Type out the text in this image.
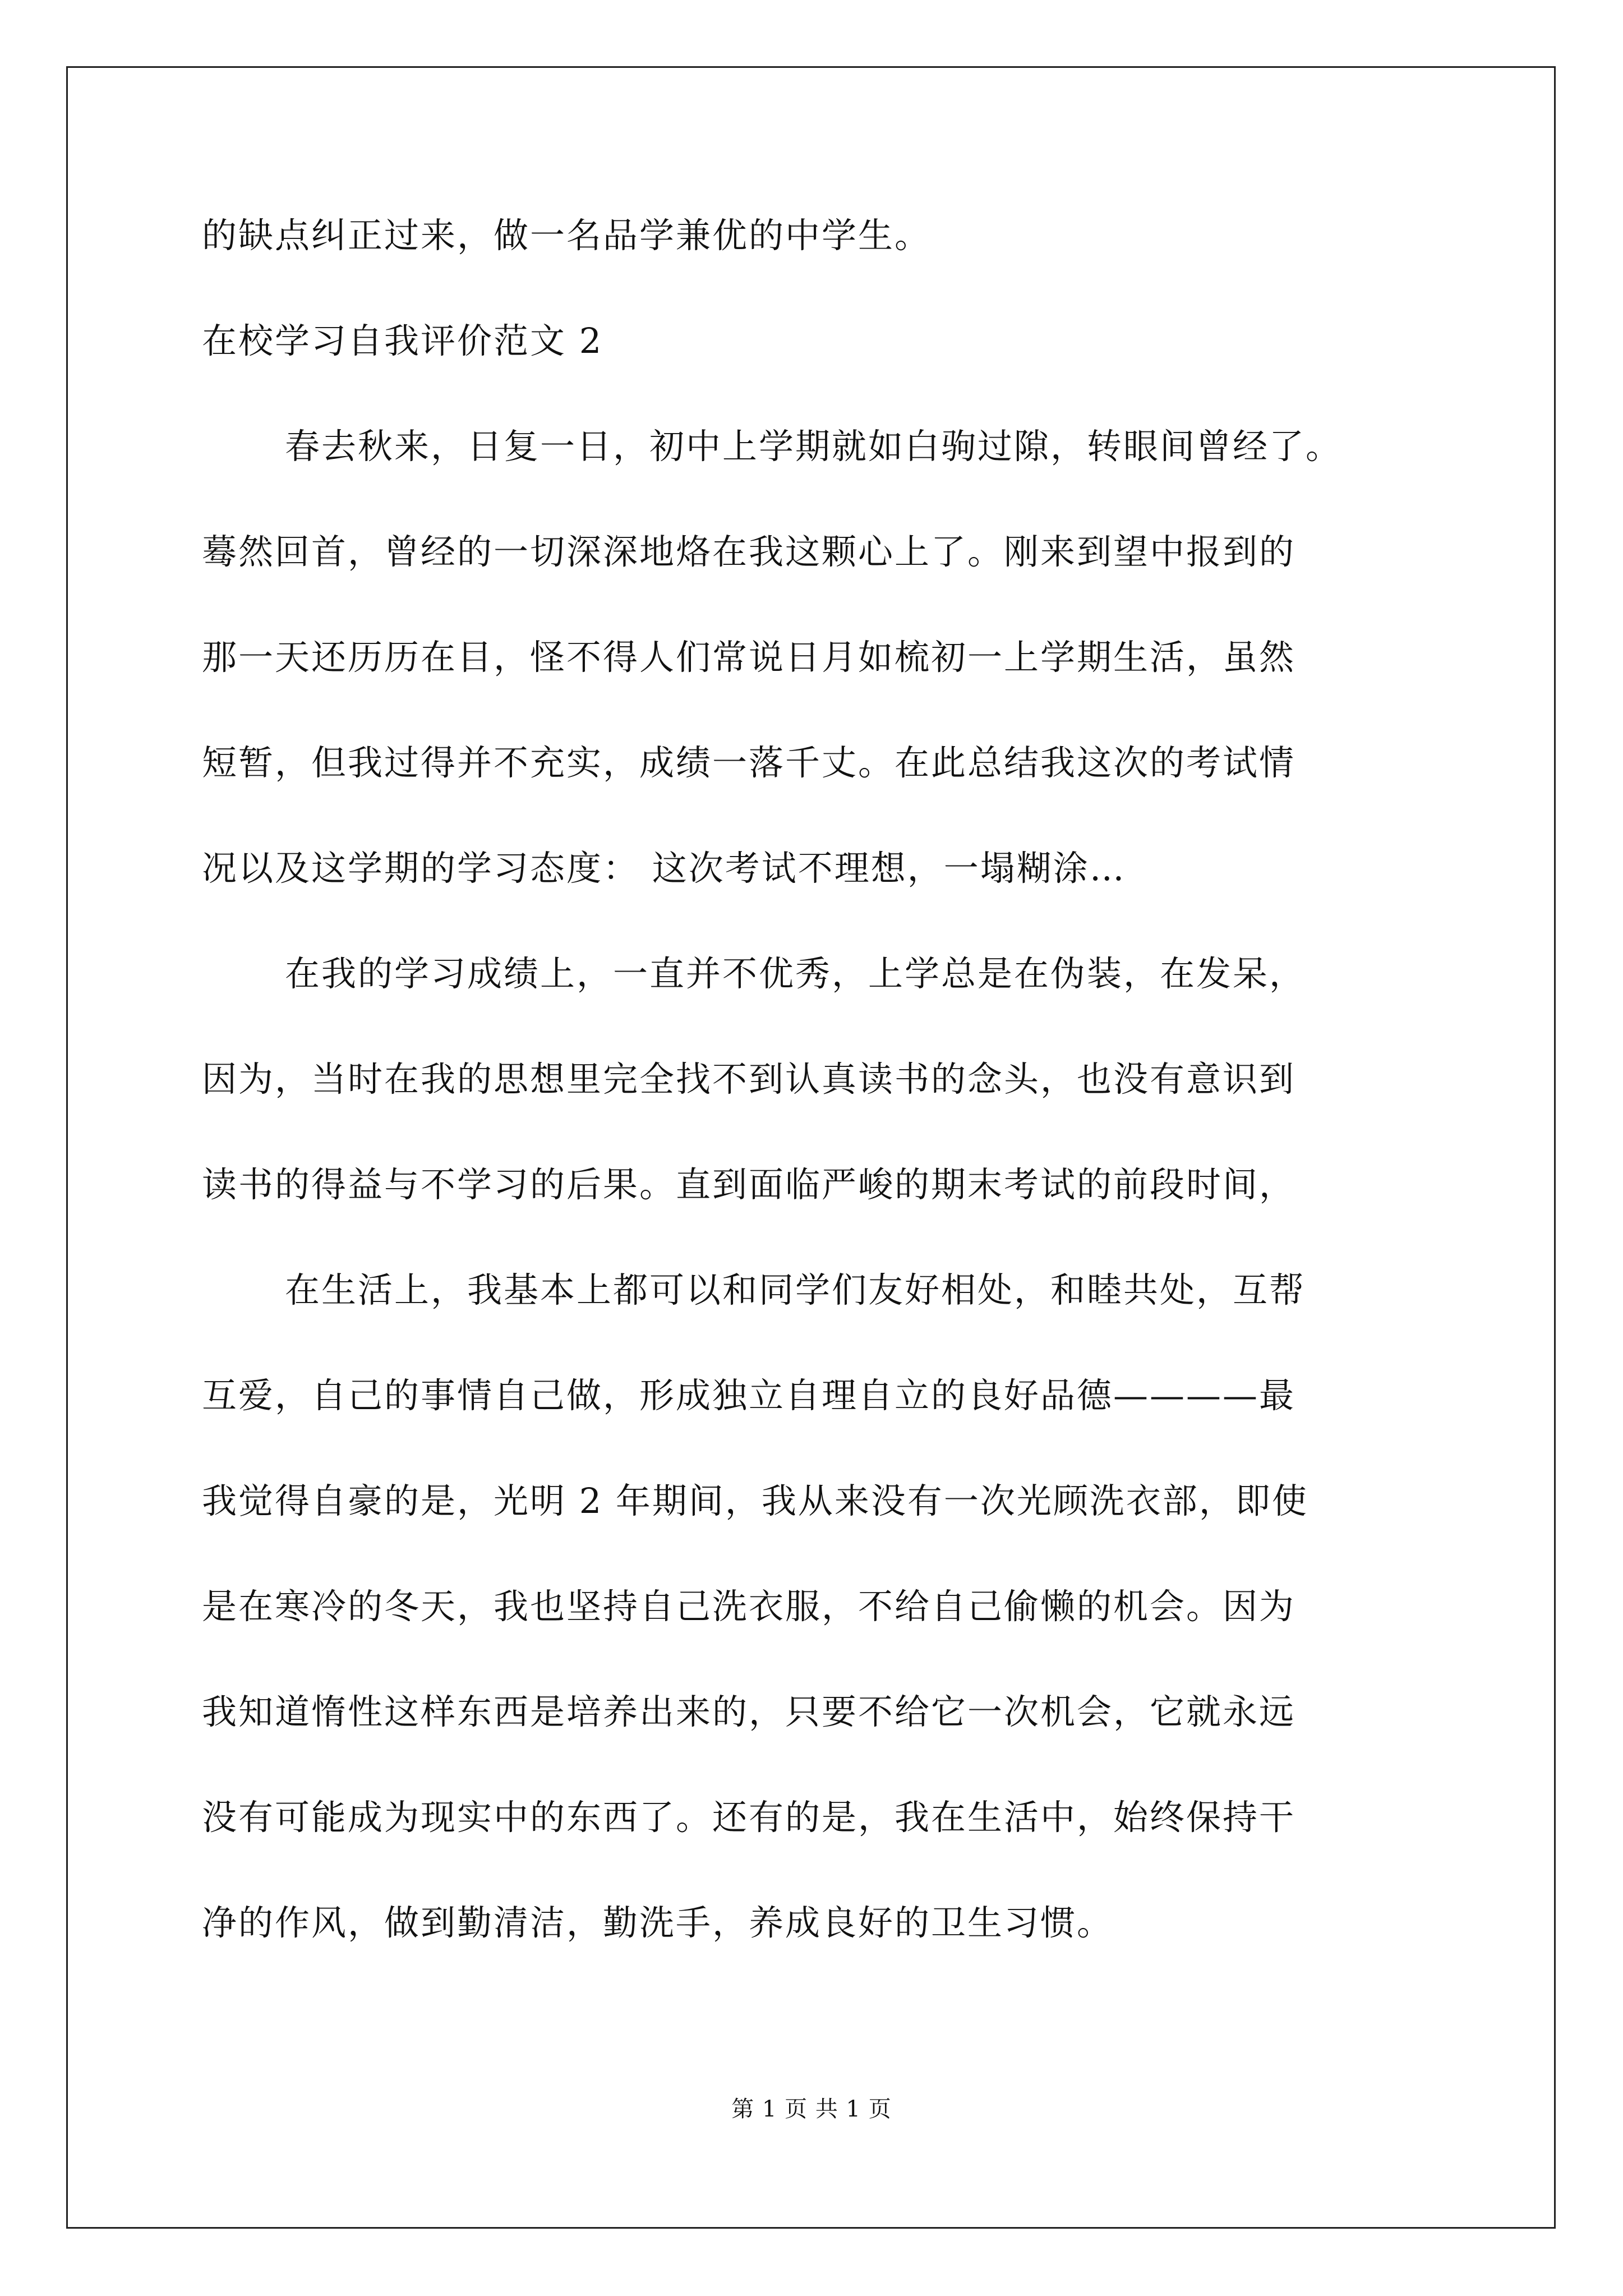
的缺点纠正过来，做一名品学兼优的中学生。
在校学习自我评价范文 2
春去秋来，日复一日，初中上学期就如白驹过隙，转眼间曾经了。
蓦然回首，曾经的一切深深地烙在我这颗心上了。刚来到望中报到的
那一天还历历在目，怪不得人们常说日月如梳初一上学期生活，虽然
短暂，但我过得并不充实，成绩一落千丈。在此总结我这次的考试情
况以及这学期的学习态度： 这次考试不理想，一塌糊涂…
在我的学习成绩上，一直并不优秀，上学总是在伪装，在发呆，
因为，当时在我的思想里完全找不到认真读书的念头，也没有意识到
读书的得益与不学习的后果。直到面临严峻的期末考试的前段时间，
在生活上，我基本上都可以和同学们友好相处，和睦共处，互帮
互爱，自己的事情自己做，形成独立自理自立的良好品德————最
我觉得自豪的是，光明 2 年期间，我从来没有一次光顾洗衣部，即使
是在寒冷的冬天，我也坚持自己洗衣服，不给自己偷懒的机会。因为
我知道惰性这样东西是培养出来的，只要不给它一次机会，它就永远
没有可能成为现实中的东西了。还有的是，我在生活中，始终保持干
净的作风，做到勤清洁，勤洗手，养成良好的卫生习惯。
第 1 页 共 1 页
